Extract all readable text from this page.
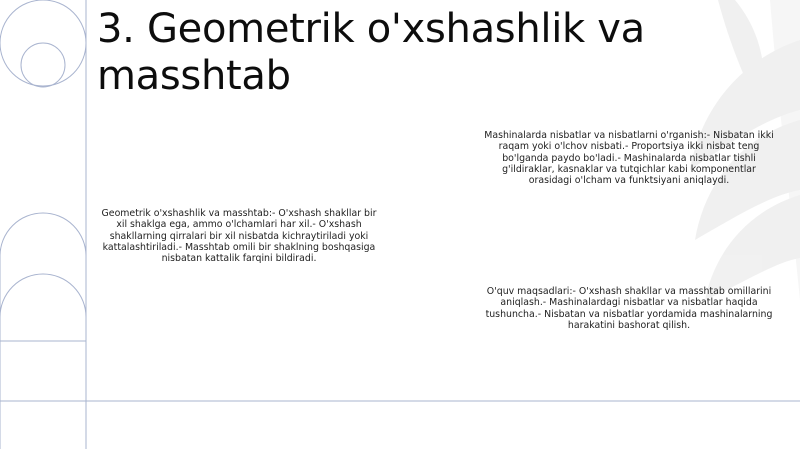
3. Geometrik o'xshashlik va masshtab

Geometrik o'xshashlik va masshtab:- O'xshash shakllar bir xil shaklga ega, ammo o'lchamlari har xil.- O'xshash shakllarning qirralari bir xil nisbatda kichraytiriladi yoki kattalashtiriladi.- Masshtab omili bir shaklning boshqasiga nisbatan kattalik farqini bildiradi.

Mashinalarda nisbatlar va nisbatlarni o'rganish:- Nisbatan ikki raqam yoki o'lchov nisbati.- Proportsiya ikki nisbat teng bo'lganda paydo bo'ladi.- Mashinalarda nisbatlar tishli g'ildiraklar, kasnaklar va tutqichlar kabi komponentlar orasidagi o'lcham va funktsiyani aniqlaydi.

O'quv maqsadlari:- O'xshash shakllar va masshtab omillarini aniqlash.- Mashinalardagi nisbatlar va nisbatlar haqida tushuncha.- Nisbatan va nisbatlar yordamida mashinalarning harakatini bashorat qilish.
